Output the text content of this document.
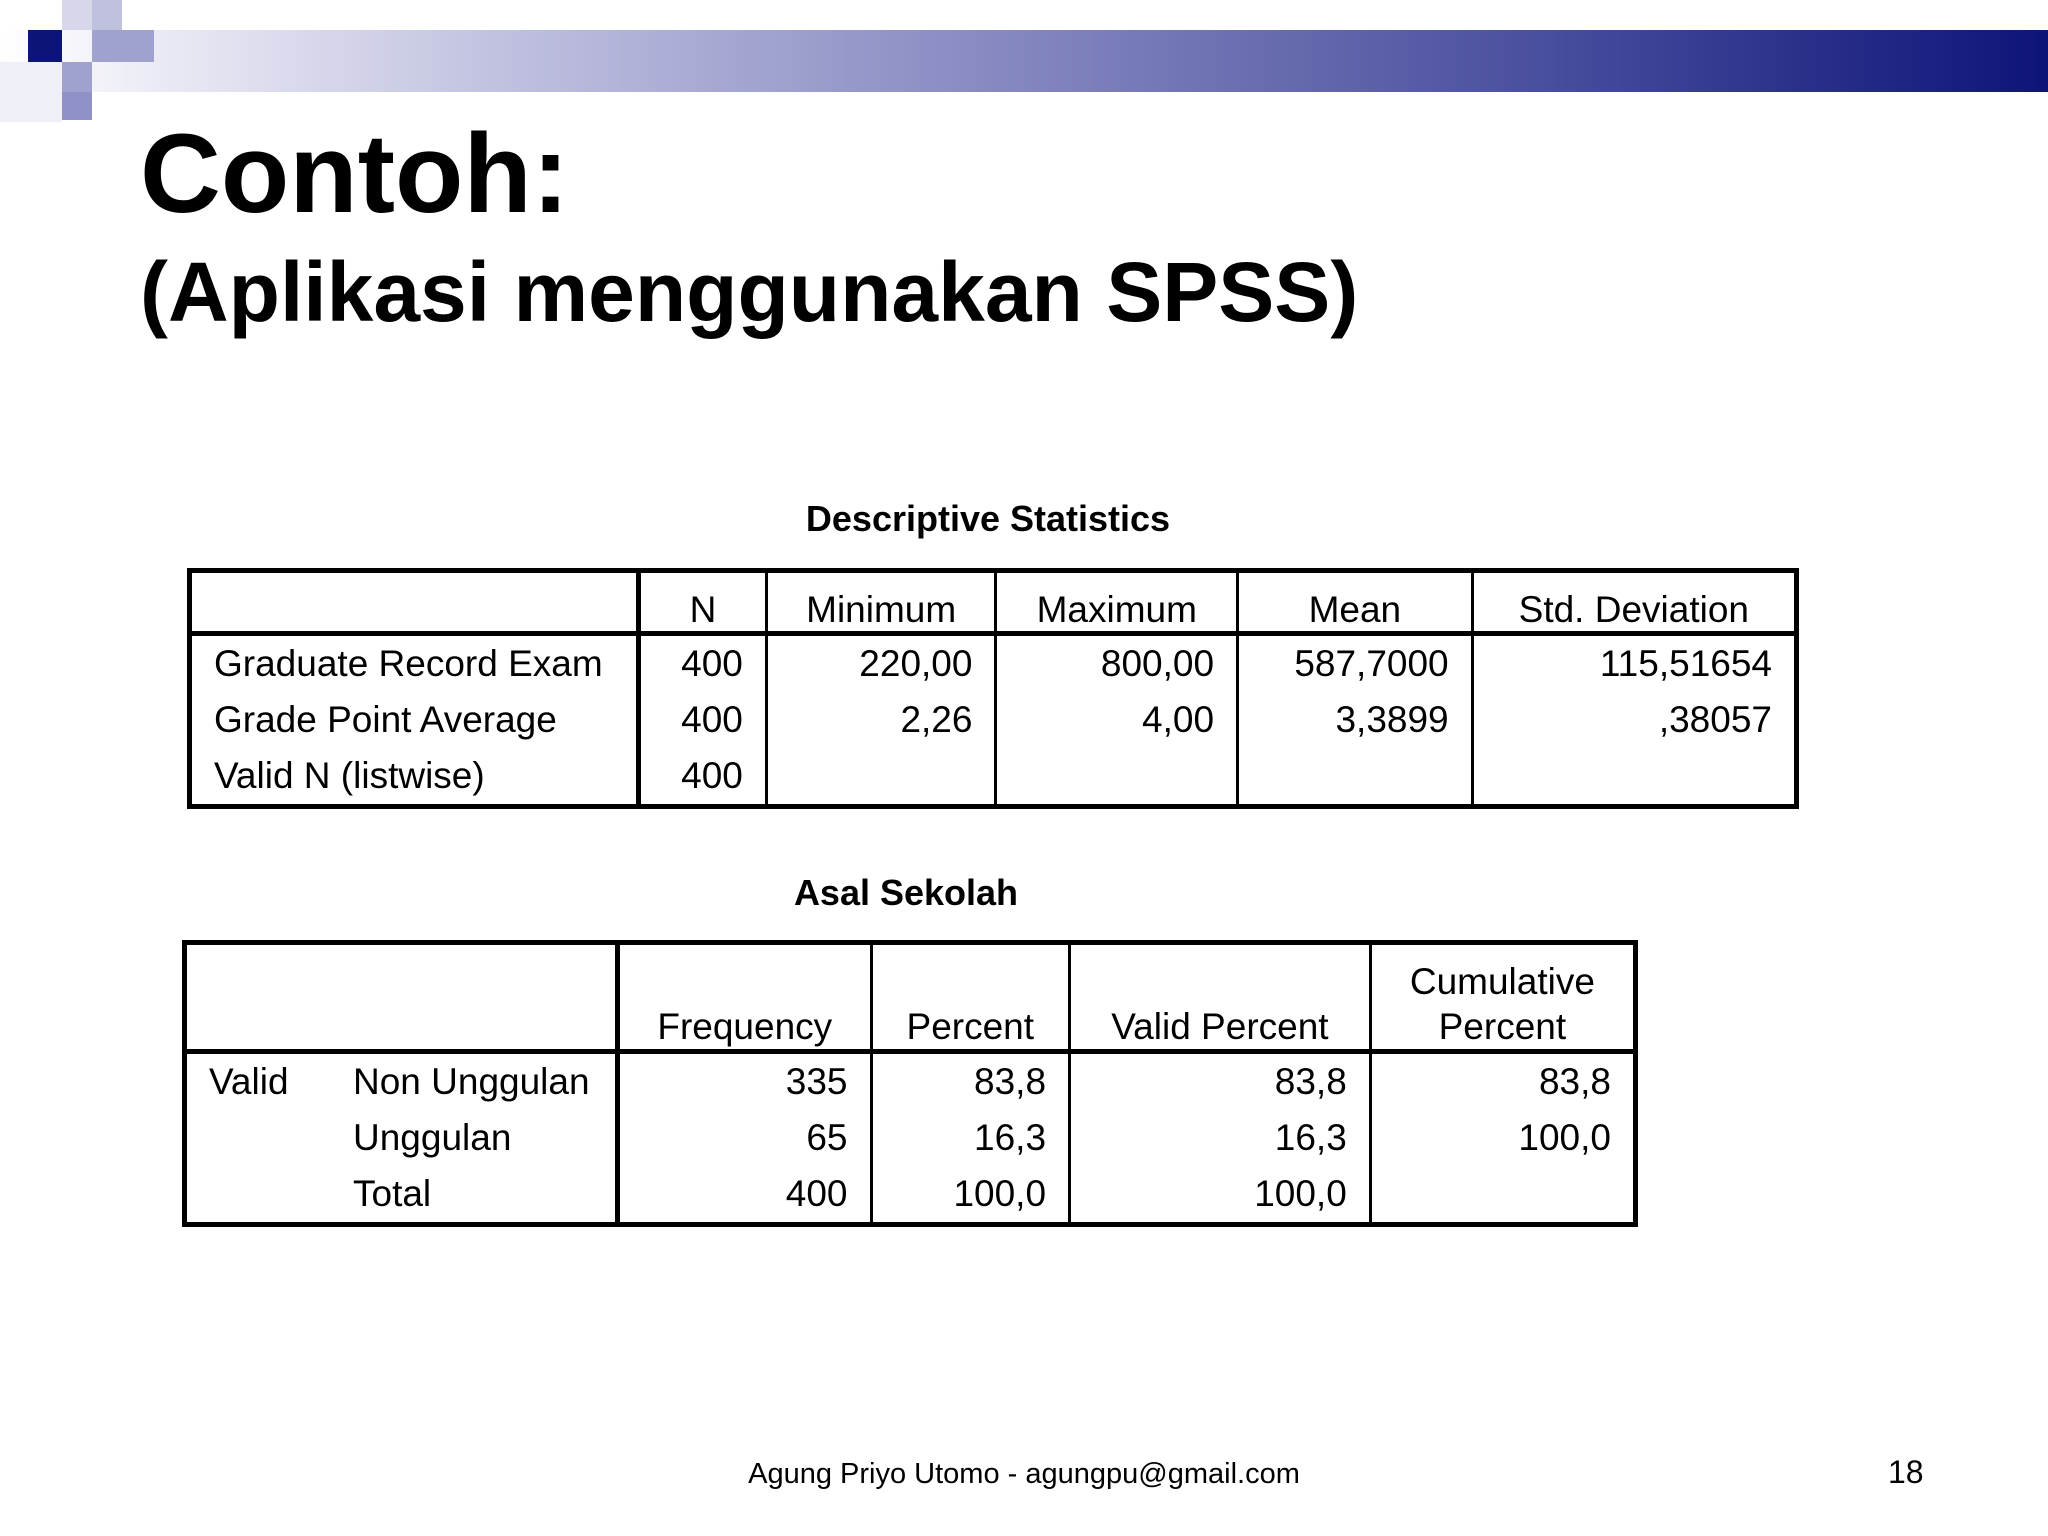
Contoh:
(Aplikasi menggunakan SPSS)
Descriptive Statistics
	N	Minimum	Maximum	Mean	Std. Deviation
Graduate Record Exam	400	220,00	800,00	587,7000	115,51654
Grade Point Average	400	2,26	4,00	3,3899	,38057
Valid N (listwise)	400				
Asal Sekolah
		Frequency	Percent	Valid Percent	Cumulative
Percent
Valid	Non Unggulan	335	83,8	83,8	83,8
	Unggulan	65	16,3	16,3	100,0
	Total	400	100,0	100,0	
Agung Priyo Utomo - agungpu@gmail.com	18
